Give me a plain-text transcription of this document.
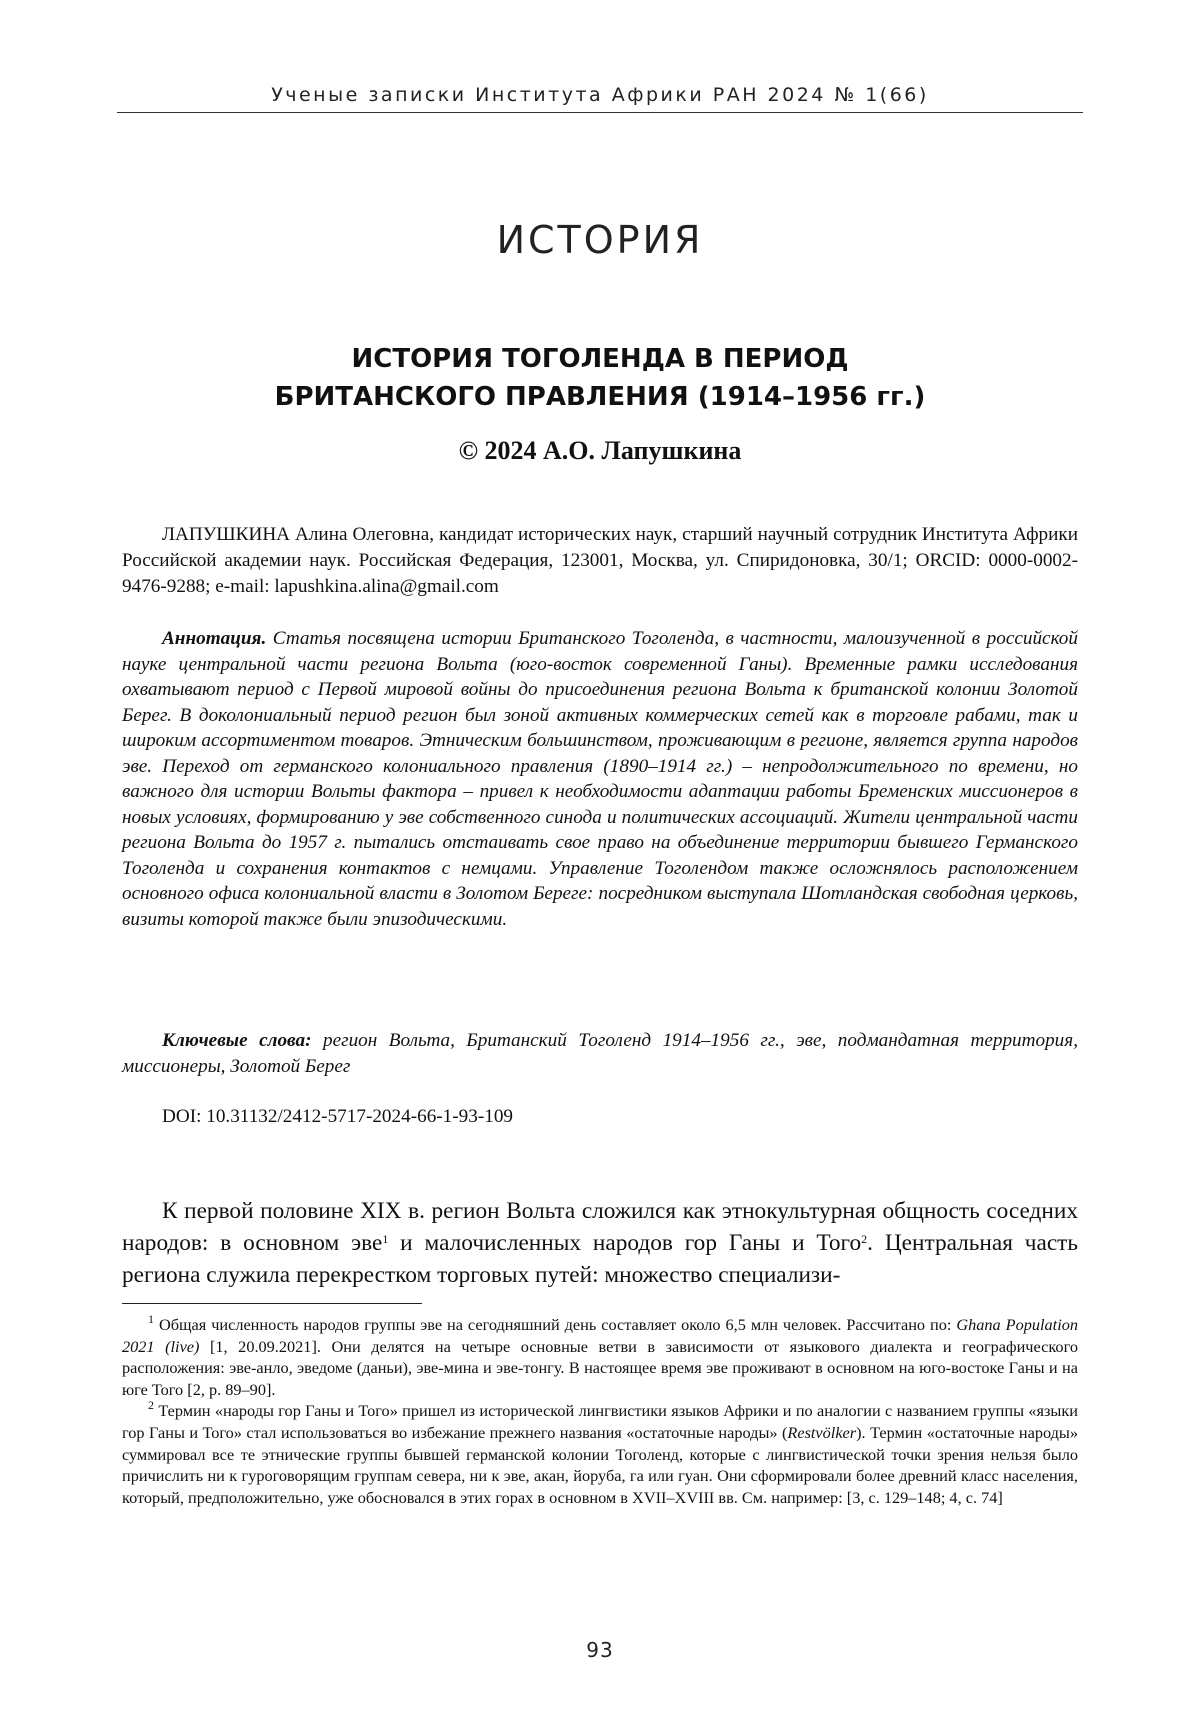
Ученые записки Института Африки РАН 2024 № 1(66)
ИСТОРИЯ
ИСТОРИЯ ТОГОЛЕНДА В ПЕРИОД
БРИТАНСКОГО ПРАВЛЕНИЯ (1914–1956 гг.)
© 2024 А.О. Лапушкина
ЛАПУШКИНА Алина Олеговна, кандидат исторических наук, старший научный сотрудник Института Африки Российской академии наук. Российская Федерация, 123001, Москва, ул. Спиридоновка, 30/1; ORCID: 0000-0002-9476-9288; e-mail: lapushkina.alina@gmail.com
Аннотация. Статья посвящена истории Британского Тоголенда, в частности, малоизученной в российской науке центральной части региона Вольта (юго-восток современной Ганы). Временные рамки исследования охватывают период с Первой мировой войны до присоединения региона Вольта к британской колонии Золотой Берег. В доколониальный период регион был зоной активных коммерческих сетей как в торговле рабами, так и широким ассортиментом товаров. Этническим большинством, проживающим в регионе, является группа народов эве. Переход от германского колониального правления (1890–1914 гг.) – непродолжительного по времени, но важного для истории Вольты фактора – привел к необходимости адаптации работы Бременских миссионеров в новых условиях, формированию у эве собственного синода и политических ассоциаций. Жители центральной части региона Вольта до 1957 г. пытались отстаивать свое право на объединение территории бывшего Германского Тоголенда и сохранения контактов с немцами. Управление Тоголендом также осложнялось расположением основного офиса колониальной власти в Золотом Береге: посредником выступала Шотландская свободная церковь, визиты которой также были эпизодическими.
Ключевые слова: регион Вольта, Британский Тоголенд 1914–1956 гг., эве, подмандатная территория, миссионеры, Золотой Берег
DOI: 10.31132/2412-5717-2024-66-1-93-109
К первой половине XIX в. регион Вольта сложился как этнокультурная общность соседних народов: в основном эве$^1$ и малочисленных народов гор Ганы и Того$^2$. Центральная часть региона служила перекрестком торговых путей: множество специализи-

$^1$ Общая численность народов группы эве на сегодняшний день составляет около 6,5 млн человек. Рассчитано по: Ghana Population 2021 (live) [1, 20.09.2021]. Они делятся на четыре основные ветви в зависимости от языкового диалекта и географического расположения: эве-анло, эведоме (даньи), эве-мина и эве-тонгу. В настоящее время эве проживают в основном на юго-востоке Ганы и на юге Того [2, p. 89–90].

$^2$ Термин «народы гор Ганы и Того» пришел из исторической лингвистики языков Африки и по аналогии с названием группы «языки гор Ганы и Того» стал использоваться во избежание прежнего названия «остаточные народы» (Restvölker). Термин «остаточные народы» суммировал все те этнические группы бывшей германской колонии Тоголенд, которые с лингвистической точки зрения нельзя было причислить ни к гуроговорящим группам севера, ни к эве, акан, йоруба, га или гуан. Они сформировали более древний класс населения, который, предположительно, уже обосновался в этих горах в основном в XVII–XVIII вв. См. например: [3, с. 129–148; 4, с. 74]

93
